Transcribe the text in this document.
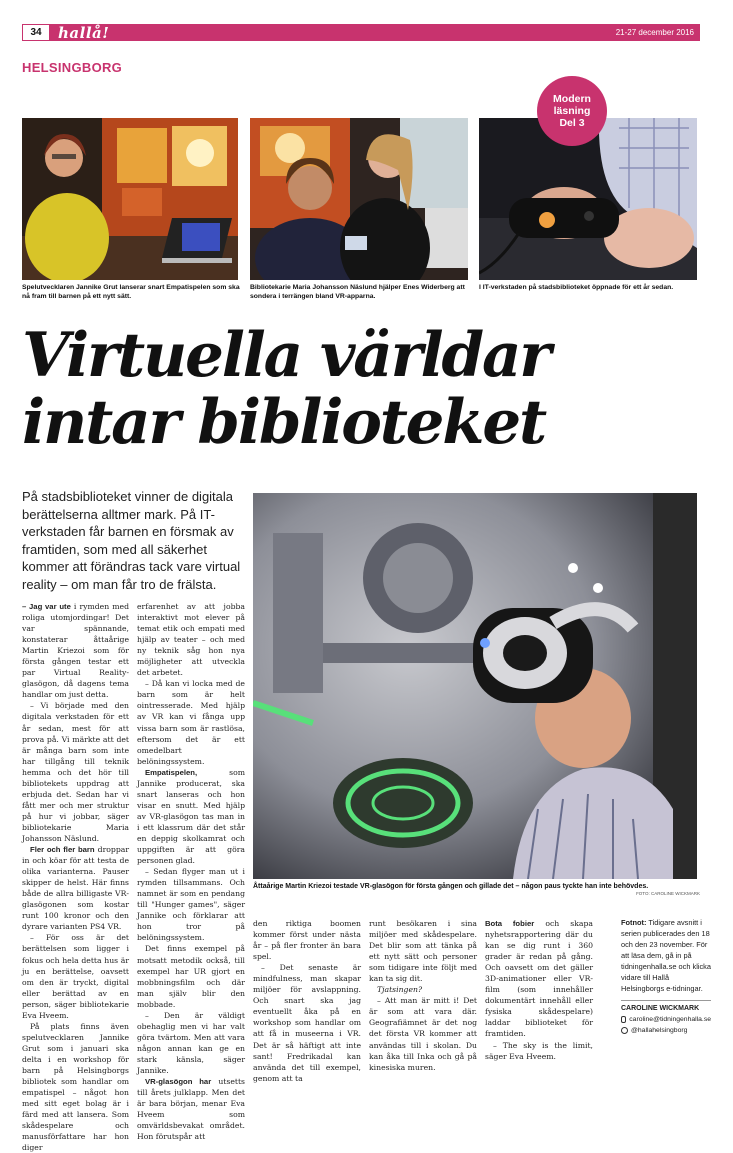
34	hallå!	21-27 december 2016
HELSINGBORG
Spelutvecklaren Jannike Grut lanserar snart Empatispelen som ska nå fram till barnen på ett nytt sätt.
Bibliotekarie Maria Johansson Näslund hjälper Enes Widerberg att sondera i terrängen bland VR-apparna.
I IT-verkstaden på stadsbiblioteket öppnade för ett år sedan.
Modern
läsning
Del 3
Virtuella världar intar biblioteket

På stadsbiblioteket vinner de digitala berättelserna alltmer mark. På IT-verkstaden får barnen en försmak av framtiden, som med all säkerhet kommer att förändras tack vare virtual reality – om man får tro de frälsta.

Åttaårige Martin Kriezoi testade VR-glasögon för första gången och gillade det – någon paus tyckte han inte behövdes.
FOTO: CAROLINE WICKMARK

– Jag var ute i rymden med roliga utomjordingar! Det var spännande, konstaterar åttaårige Martin Kriezoi som för första gången testar ett par Virtual Reality-glasögon, då dagens tema handlar om just detta.

– Vi började med den digitala verkstaden för ett år sedan, mest för att prova på. Vi märkte att det är många barn som inte har tillgång till teknik hemma och det hör till bibliotekets uppdrag att erbjuda det. Sedan har vi fått mer och mer struktur på hur vi jobbar, säger bibliotekarie Maria Johansson Näslund.

Fler och fler barn droppar in och köar för att testa de olika varianterna. Pauser skipper de helst. Här finns både de allra billigaste VR-glasögonen som kostar runt 100 kronor och den dyrare varianten PS4 VR.

– För oss är det berättelsen som ligger i fokus och hela detta hus är ju en berättelse, oavsett om den är tryckt, digital eller berättad av en person, säger bibliotekarie Eva Hveem.

På plats finns även spelutvecklaren Jannike Grut som i januari ska delta i en workshop för barn på Helsingborgs bibliotek som handlar om empatispel – något hon med sitt eget bolag är i färd med att lansera. Som skådespelare och manusförfattare har hon diger

erfarenhet av att jobba interaktivt mot elever på temat etik och empati med hjälp av teater – och med ny teknik såg hon nya möjligheter att utveckla det arbetet.

– Då kan vi locka med de barn som är helt ointresserade. Med hjälp av VR kan vi fånga upp vissa barn som är rastlösa, eftersom det är ett omedelbart belöningssystem.

Empatispelen, som Jannike producerat, ska snart lanseras och hon visar en snutt. Med hjälp av VR-glasögon tas man in i ett klassrum där det står en deppig skolkamrat och uppgiften är att göra personen glad.

– Sedan flyger man ut i rymden tillsammans. Och namnet är som en pendang till "Hunger games", säger Jannike och förklarar att hon tror på belöningssystem.

Det finns exempel på motsatt metodik också, till exempel har UR gjort en mobbningsfilm och där man själv blir den mobbade.

– Den är väldigt obehaglig men vi har valt göra tvärtom. Men att vara någon annan kan ge en stark känsla, säger Jannike.

VR-glasögon har utsetts till årets julklapp. Men det är bara början, menar Eva Hveem som omvärldsbevakat området. Hon förutspår att

den riktiga boomen kommer först under nästa år – på fler fronter än bara spel.

– Det senaste är mindfulness, man skapar miljöer för avslappning. Och snart ska jag eventuellt åka på en workshop som handlar om att få in museerna i VR. Det är så häftigt att inte sant! Fredrikadal kan använda det till exempel, genom att ta

runt besökaren i sina miljöer med skådespelare. Det blir som att tänka på ett nytt sätt och personer som tidigare inte följt med kan ta sig dit.

Tjatsingen?

– Att man är mitt i! Det är som att vara där. Geografiämnet är det nog det första VR kommer att användas till i skolan. Du kan åka till Inka och gå på kinesiska muren.

Bota fobier och skapa nyhetsrapportering där du kan se dig runt i 360 grader är redan på gång. Och oavsett om det gäller 3D-animationer eller VR-film (som innehåller dokumentärt innehåll eller fysiska skådespelare) laddar biblioteket för framtiden.

– The sky is the limit, säger Eva Hveem.

Fotnot: Tidigare avsnitt i serien publicerades den 18 och den 23 november. För att läsa dem, gå in på tidningenhalla.se och klicka vidare till Hallå Helsingborgs e-tidningar.

CAROLINE WICKMARK
caroline@tidningenhalla.se
@hallahelsingborg
